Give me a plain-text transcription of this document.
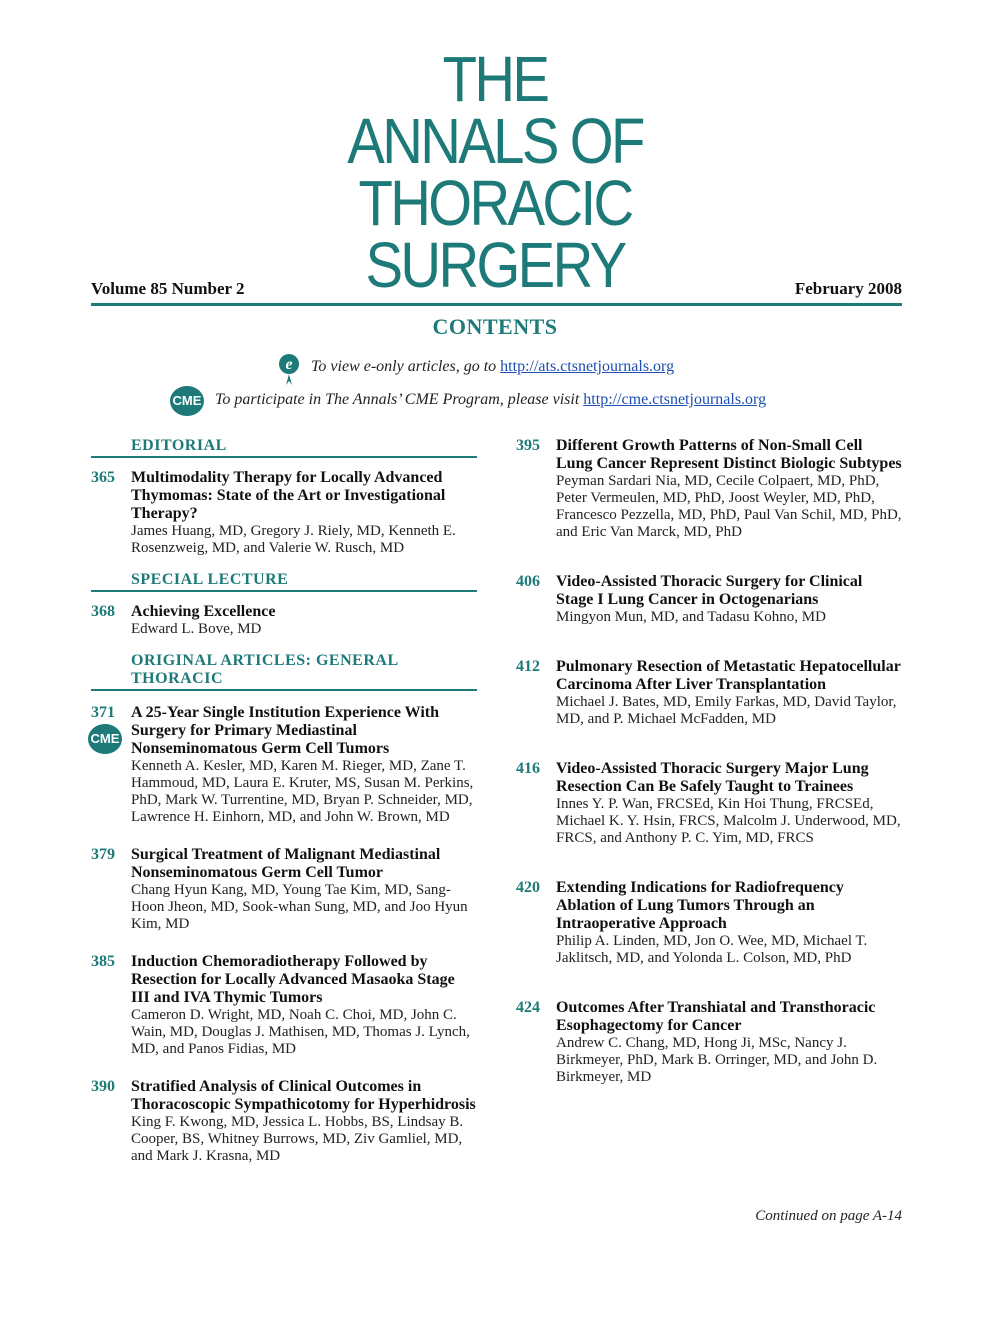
THE
ANNALS OF
THORACIC
SURGERY
Volume 85 Number 2	February 2008
CONTENTS
e To view e-only articles, go to http://ats.ctsnetjournals.org
CME To participate in The Annals’ CME Program, please visit http://cme.ctsnetjournals.org
EDITORIAL
365 Multimodality Therapy for Locally Advanced Thymomas: State of the Art or Investigational Therapy?
James Huang, MD, Gregory J. Riely, MD, Kenneth E. Rosenzweig, MD, and Valerie W. Rusch, MD
SPECIAL LECTURE
368 Achieving Excellence
Edward L. Bove, MD
ORIGINAL ARTICLES: GENERAL THORACIC
371
CME
A 25-Year Single Institution Experience With Surgery for Primary Mediastinal Nonseminomatous Germ Cell Tumors
Kenneth A. Kesler, MD, Karen M. Rieger, MD, Zane T. Hammoud, MD, Laura E. Kruter, MS, Susan M. Perkins, PhD, Mark W. Turrentine, MD, Bryan P. Schneider, MD, Lawrence H. Einhorn, MD, and John W. Brown, MD
379 Surgical Treatment of Malignant Mediastinal Nonseminomatous Germ Cell Tumor
Chang Hyun Kang, MD, Young Tae Kim, MD, Sang-Hoon Jheon, MD, Sook-whan Sung, MD, and Joo Hyun Kim, MD
385 Induction Chemoradiotherapy Followed by Resection for Locally Advanced Masaoka Stage III and IVA Thymic Tumors
Cameron D. Wright, MD, Noah C. Choi, MD, John C. Wain, MD, Douglas J. Mathisen, MD, Thomas J. Lynch, MD, and Panos Fidias, MD
390 Stratified Analysis of Clinical Outcomes in Thoracoscopic Sympathicotomy for Hyperhidrosis
King F. Kwong, MD, Jessica L. Hobbs, BS, Lindsay B. Cooper, BS, Whitney Burrows, MD, Ziv Gamliel, MD, and Mark J. Krasna, MD
395 Different Growth Patterns of Non-Small Cell Lung Cancer Represent Distinct Biologic Subtypes
Peyman Sardari Nia, MD, Cecile Colpaert, MD, PhD, Peter Vermeulen, MD, PhD, Joost Weyler, MD, PhD, Francesco Pezzella, MD, PhD, Paul Van Schil, MD, PhD, and Eric Van Marck, MD, PhD
406 Video-Assisted Thoracic Surgery for Clinical Stage I Lung Cancer in Octogenarians
Mingyon Mun, MD, and Tadasu Kohno, MD
412 Pulmonary Resection of Metastatic Hepatocellular Carcinoma After Liver Transplantation
Michael J. Bates, MD, Emily Farkas, MD, David Taylor, MD, and P. Michael McFadden, MD
416 Video-Assisted Thoracic Surgery Major Lung Resection Can Be Safely Taught to Trainees
Innes Y. P. Wan, FRCSEd, Kin Hoi Thung, FRCSEd, Michael K. Y. Hsin, FRCS, Malcolm J. Underwood, MD, FRCS, and Anthony P. C. Yim, MD, FRCS
420 Extending Indications for Radiofrequency Ablation of Lung Tumors Through an Intraoperative Approach
Philip A. Linden, MD, Jon O. Wee, MD, Michael T. Jaklitsch, MD, and Yolonda L. Colson, MD, PhD
424 Outcomes After Transhiatal and Transthoracic Esophagectomy for Cancer
Andrew C. Chang, MD, Hong Ji, MSc, Nancy J. Birkmeyer, PhD, Mark B. Orringer, MD, and John D. Birkmeyer, MD
Continued on page A-14
